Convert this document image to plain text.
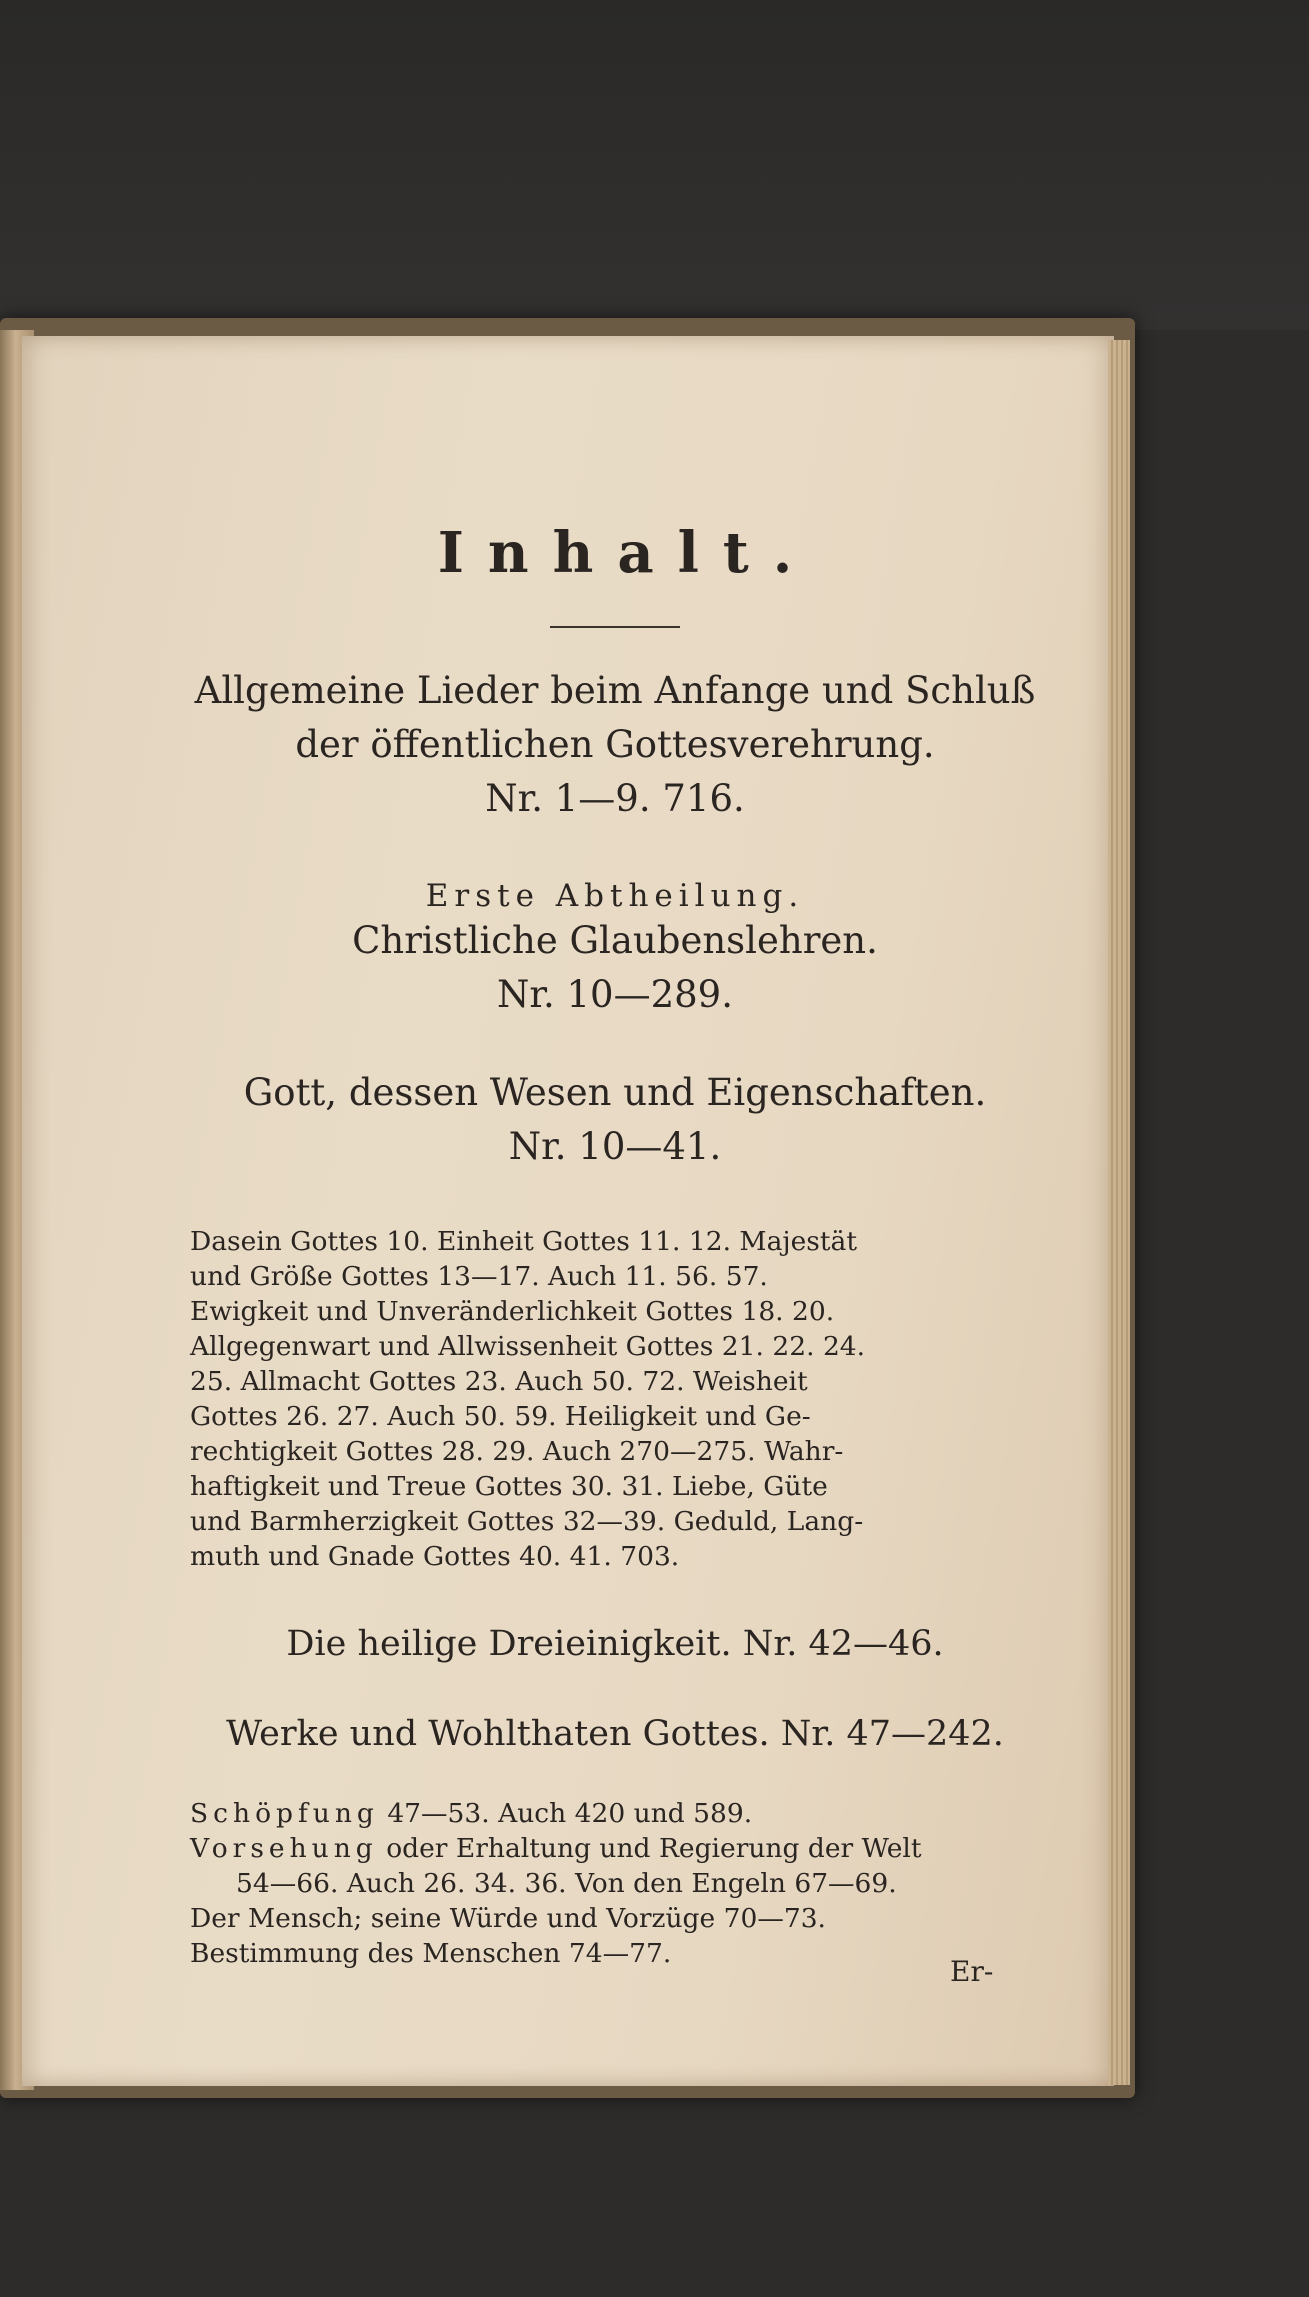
Inhalt.

Allgemeine Lieder beim Anfange und Schluß

der öffentlichen Gottesverehrung.

Nr. 1—9. 716.

Erste Abtheilung.

Christliche Glaubenslehren.

Nr. 10—289.

Gott, dessen Wesen und Eigenschaften.

Nr. 10—41.

Dasein Gottes 10. Einheit Gottes 11. 12. Majestät
und Größe Gottes 13—17. Auch 11. 56. 57.
Ewigkeit und Unveränderlichkeit Gottes 18. 20.
Allgegenwart und Allwissenheit Gottes 21. 22. 24.
25. Allmacht Gottes 23. Auch 50. 72. Weisheit
Gottes 26. 27. Auch 50. 59. Heiligkeit und Ge-
rechtigkeit Gottes 28. 29. Auch 270—275. Wahr-
haftigkeit und Treue Gottes 30. 31. Liebe, Güte
und Barmherzigkeit Gottes 32—39. Geduld, Lang-
muth und Gnade Gottes 40. 41. 703.

Die heilige Dreieinigkeit. Nr. 42—46.

Werke und Wohlthaten Gottes. Nr. 47—242.

Schöpfung 47—53. Auch 420 und 589.
Vorsehung oder Erhaltung und Regierung der Welt
54—66. Auch 26. 34. 36. Von den Engeln 67—69.
Der Mensch; seine Würde und Vorzüge 70—73.
Bestimmung des Menschen 74—77.

Er-
